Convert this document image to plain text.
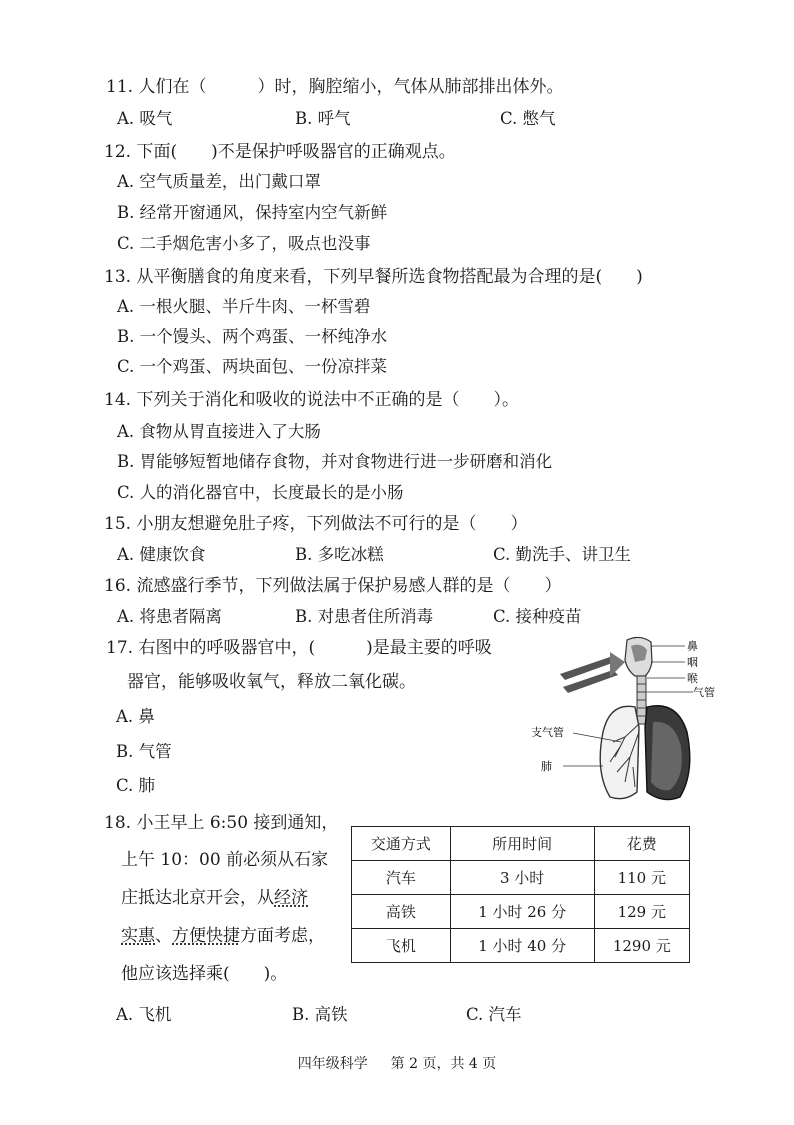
11. 人们在（　　　）时，胸腔缩小，气体从肺部排出体外。
A. 吸气	B. 呼气	C. 憋气
12. 下面(　　)不是保护呼吸器官的正确观点。
A. 空气质量差，出门戴口罩
B. 经常开窗通风，保持室内空气新鲜
C. 二手烟危害小多了，吸点也没事
13. 从平衡膳食的角度来看，下列早餐所选食物搭配最为合理的是(　　)
A. 一根火腿、半斤牛肉、一杯雪碧
B. 一个馒头、两个鸡蛋、一杯纯净水
C. 一个鸡蛋、两块面包、一份凉拌菜
14. 下列关于消化和吸收的说法中不正确的是（　　）。
A. 食物从胃直接进入了大肠
B. 胃能够短暂地储存食物，并对食物进行进一步研磨和消化
C. 人的消化器官中，长度最长的是小肠
15. 小朋友想避免肚子疼，下列做法不可行的是（　　）
A. 健康饮食	B. 多吃冰糕	C. 勤洗手、讲卫生
16. 流感盛行季节，下列做法属于保护易感人群的是（　　）
A. 将患者隔离	B. 对患者住所消毒	C. 接种疫苗
17. 右图中的呼吸器官中，(　　　)是最主要的呼吸
器官，能够吸收氧气，释放二氧化碳。
A. 鼻
B. 气管
C. 肺
鼻
咽
喉
气管
支气管
肺
18. 小王早上 6:50 接到通知，
上午 10：00 前必须从石家
庄抵达北京开会，从经济
实惠、方便快捷方面考虑，
他应该选择乘(　　)。
交通方式	所用时间	花费
汽车	3 小时	110 元
高铁	1 小时 26 分	129 元
飞机	1 小时 40 分	1290 元
A. 飞机	B. 高铁	C. 汽车
四年级科学 第 2 页，共 4 页
